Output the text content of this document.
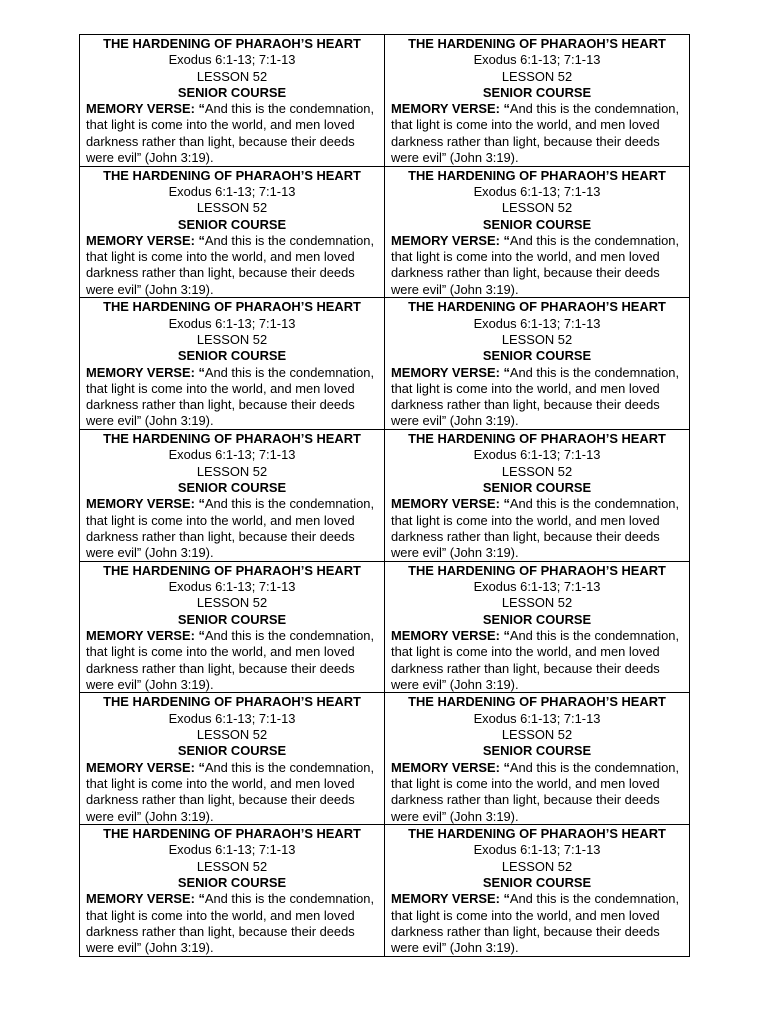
THE HARDENING OF PHARAOH’S HEART
Exodus 6:1-13; 7:1-13
LESSON 52
SENIOR COURSE
MEMORY VERSE: “And this is the condemnation, that light is come into the world, and men loved darkness rather than light, because their deeds were evil” (John 3:19).
THE HARDENING OF PHARAOH’S HEART
Exodus 6:1-13; 7:1-13
LESSON 52
SENIOR COURSE
MEMORY VERSE: “And this is the condemnation, that light is come into the world, and men loved darkness rather than light, because their deeds were evil” (John 3:19).
THE HARDENING OF PHARAOH’S HEART
Exodus 6:1-13; 7:1-13
LESSON 52
SENIOR COURSE
MEMORY VERSE: “And this is the condemnation, that light is come into the world, and men loved darkness rather than light, because their deeds were evil” (John 3:19).
THE HARDENING OF PHARAOH’S HEART
Exodus 6:1-13; 7:1-13
LESSON 52
SENIOR COURSE
MEMORY VERSE: “And this is the condemnation, that light is come into the world, and men loved darkness rather than light, because their deeds were evil” (John 3:19).
THE HARDENING OF PHARAOH’S HEART
Exodus 6:1-13; 7:1-13
LESSON 52
SENIOR COURSE
MEMORY VERSE: “And this is the condemnation, that light is come into the world, and men loved darkness rather than light, because their deeds were evil” (John 3:19).
THE HARDENING OF PHARAOH’S HEART
Exodus 6:1-13; 7:1-13
LESSON 52
SENIOR COURSE
MEMORY VERSE: “And this is the condemnation, that light is come into the world, and men loved darkness rather than light, because their deeds were evil” (John 3:19).
THE HARDENING OF PHARAOH’S HEART
Exodus 6:1-13; 7:1-13
LESSON 52
SENIOR COURSE
MEMORY VERSE: “And this is the condemnation, that light is come into the world, and men loved darkness rather than light, because their deeds were evil” (John 3:19).
THE HARDENING OF PHARAOH’S HEART
Exodus 6:1-13; 7:1-13
LESSON 52
SENIOR COURSE
MEMORY VERSE: “And this is the condemnation, that light is come into the world, and men loved darkness rather than light, because their deeds were evil” (John 3:19).
THE HARDENING OF PHARAOH’S HEART
Exodus 6:1-13; 7:1-13
LESSON 52
SENIOR COURSE
MEMORY VERSE: “And this is the condemnation, that light is come into the world, and men loved darkness rather than light, because their deeds were evil” (John 3:19).
THE HARDENING OF PHARAOH’S HEART
Exodus 6:1-13; 7:1-13
LESSON 52
SENIOR COURSE
MEMORY VERSE: “And this is the condemnation, that light is come into the world, and men loved darkness rather than light, because their deeds were evil” (John 3:19).
THE HARDENING OF PHARAOH’S HEART
Exodus 6:1-13; 7:1-13
LESSON 52
SENIOR COURSE
MEMORY VERSE: “And this is the condemnation, that light is come into the world, and men loved darkness rather than light, because their deeds were evil” (John 3:19).
THE HARDENING OF PHARAOH’S HEART
Exodus 6:1-13; 7:1-13
LESSON 52
SENIOR COURSE
MEMORY VERSE: “And this is the condemnation, that light is come into the world, and men loved darkness rather than light, because their deeds were evil” (John 3:19).
THE HARDENING OF PHARAOH’S HEART
Exodus 6:1-13; 7:1-13
LESSON 52
SENIOR COURSE
MEMORY VERSE: “And this is the condemnation, that light is come into the world, and men loved darkness rather than light, because their deeds were evil” (John 3:19).
THE HARDENING OF PHARAOH’S HEART
Exodus 6:1-13; 7:1-13
LESSON 52
SENIOR COURSE
MEMORY VERSE: “And this is the condemnation, that light is come into the world, and men loved darkness rather than light, because their deeds were evil” (John 3:19).
